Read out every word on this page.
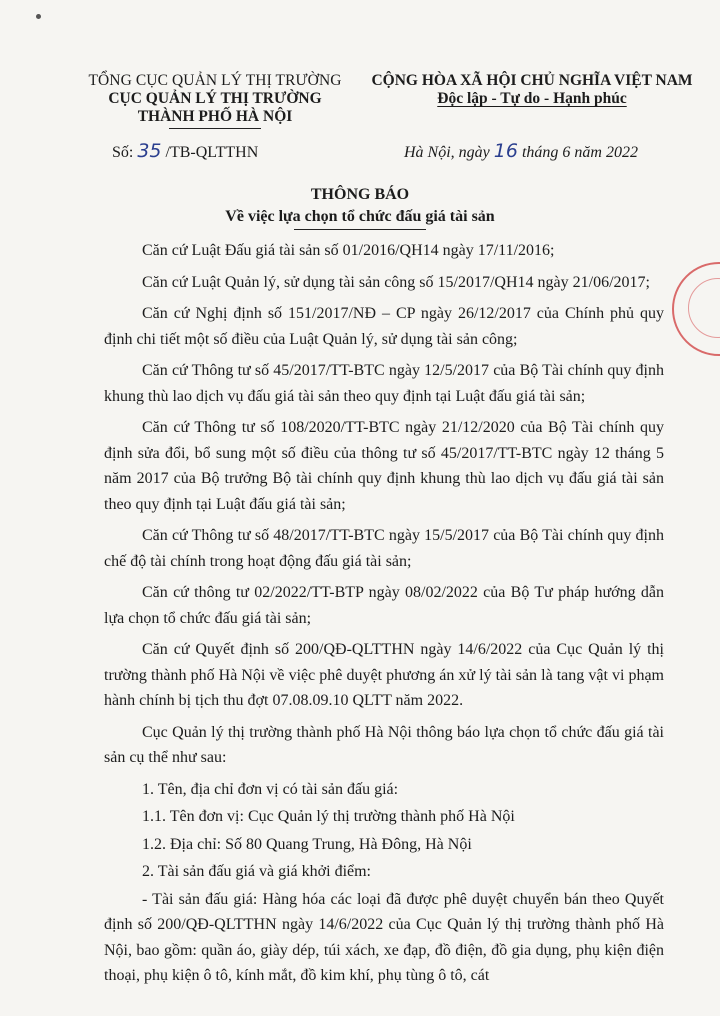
TỔNG CỤC QUẢN LÝ THỊ TRƯỜNG
CỤC QUẢN LÝ THỊ TRƯỜNG
THÀNH PHỐ HÀ NỘI
CỘNG HÒA XÃ HỘI CHỦ NGHĨA VIỆT NAM
Độc lập - Tự do - Hạnh phúc
Số: 35 /TB-QLTTHN	Hà Nội, ngày 16 tháng 6 năm 2022
THÔNG BÁO
Về việc lựa chọn tổ chức đấu giá tài sản

Căn cứ Luật Đấu giá tài sản số 01/2016/QH14 ngày 17/11/2016;

Căn cứ Luật Quản lý, sử dụng tài sản công số 15/2017/QH14 ngày 21/06/2017;

Căn cứ Nghị định số 151/2017/NĐ – CP ngày 26/12/2017 của Chính phủ quy định chi tiết một số điều của Luật Quản lý, sử dụng tài sản công;

Căn cứ Thông tư số 45/2017/TT-BTC ngày 12/5/2017 của Bộ Tài chính quy định khung thù lao dịch vụ đấu giá tài sản theo quy định tại Luật đấu giá tài sản;

Căn cứ Thông tư số 108/2020/TT-BTC ngày 21/12/2020 của Bộ Tài chính quy định sửa đổi, bổ sung một số điều của thông tư số 45/2017/TT-BTC ngày 12 tháng 5 năm 2017 của Bộ trưởng Bộ tài chính quy định khung thù lao dịch vụ đấu giá tài sản theo quy định tại Luật đấu giá tài sản;

Căn cứ Thông tư số 48/2017/TT-BTC ngày 15/5/2017 của Bộ Tài chính quy định chế độ tài chính trong hoạt động đấu giá tài sản;

Căn cứ thông tư 02/2022/TT-BTP ngày 08/02/2022 của Bộ Tư pháp hướng dẫn lựa chọn tổ chức đấu giá tài sản;

Căn cứ Quyết định số 200/QĐ-QLTTHN ngày 14/6/2022 của Cục Quản lý thị trường thành phố Hà Nội về việc phê duyệt phương án xử lý tài sản là tang vật vi phạm hành chính bị tịch thu đợt 07.08.09.10 QLTT năm 2022.

Cục Quản lý thị trường thành phố Hà Nội thông báo lựa chọn tổ chức đấu giá tài sản cụ thể như sau:

1. Tên, địa chỉ đơn vị có tài sản đấu giá:

1.1. Tên đơn vị: Cục Quản lý thị trường thành phố Hà Nội

1.2. Địa chỉ: Số 80 Quang Trung, Hà Đông, Hà Nội

2. Tài sản đấu giá và giá khởi điểm:

- Tài sản đấu giá: Hàng hóa các loại đã được phê duyệt chuyển bán theo Quyết định số 200/QĐ-QLTTHN ngày 14/6/2022 của Cục Quản lý thị trường thành phố Hà Nội, bao gồm: quần áo, giày dép, túi xách, xe đạp, đồ điện, đồ gia dụng, phụ kiện điện thoại, phụ kiện ô tô, kính mắt, đồ kim khí, phụ tùng ô tô, cát
